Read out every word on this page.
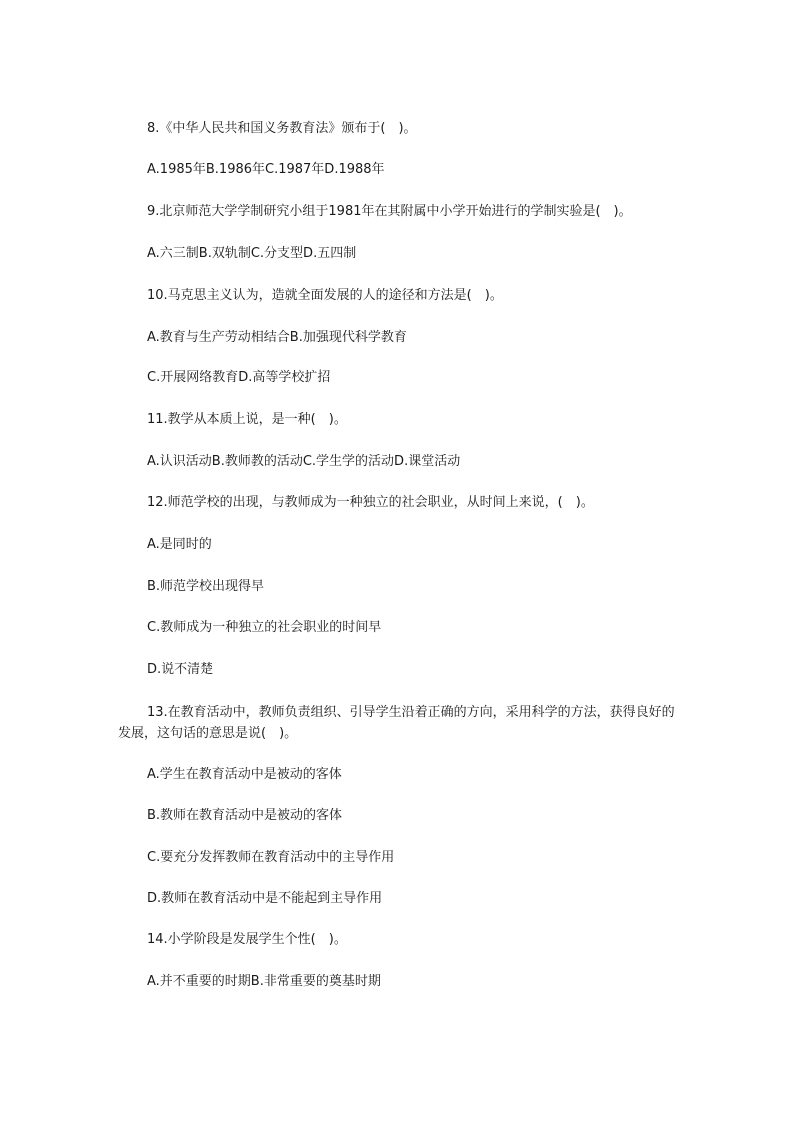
8.《中华人民共和国义务教育法》颁布于(　)。
A.1985年B.1986年C.1987年D.1988年
9.北京师范大学学制研究小组于1981年在其附属中小学开始进行的学制实验是(　)。
A.六三制B.双轨制C.分支型D.五四制
10.马克思主义认为，造就全面发展的人的途径和方法是(　)。
A.教育与生产劳动相结合B.加强现代科学教育
C.开展网络教育D.高等学校扩招
11.教学从本质上说，是一种(　)。
A.认识活动B.教师教的活动C.学生学的活动D.课堂活动
12.师范学校的出现，与教师成为一种独立的社会职业，从时间上来说，(　)。
A.是同时的
B.师范学校出现得早
C.教师成为一种独立的社会职业的时间早
D.说不清楚
13.在教育活动中，教师负责组织、引导学生沿着正确的方向，采用科学的方法，获得良好的发展，这句话的意思是说(　)。
A.学生在教育活动中是被动的客体
B.教师在教育活动中是被动的客体
C.要充分发挥教师在教育活动中的主导作用
D.教师在教育活动中是不能起到主导作用
14.小学阶段是发展学生个性(　)。
A.并不重要的时期B.非常重要的奠基时期
